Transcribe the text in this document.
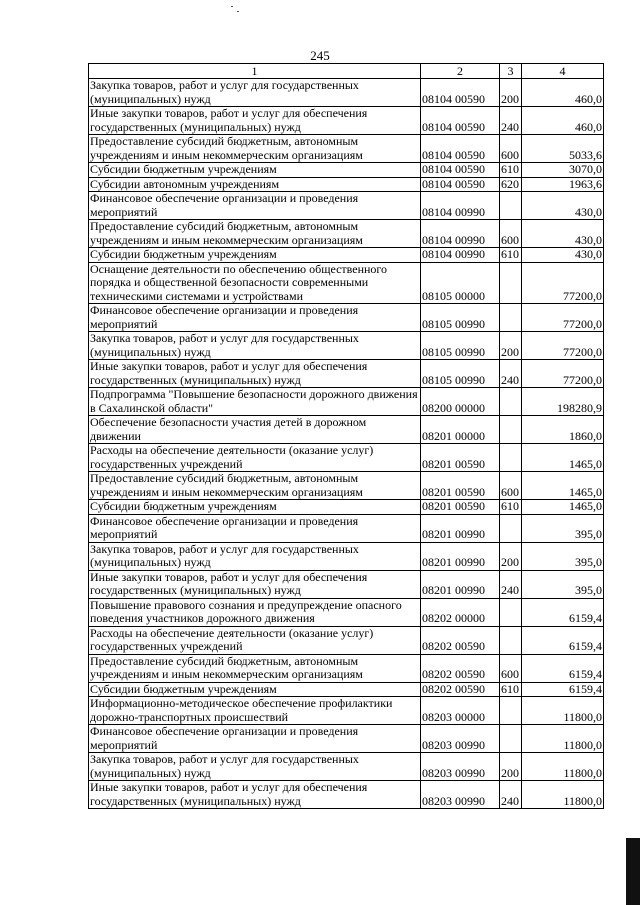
245
1	2	3	4
Закупка товаров, работ и услуг для государственных (муниципальных) нужд	08104 00590	200	460,0
Иные закупки товаров, работ и услуг для обеспечения государственных (муниципальных) нужд	08104 00590	240	460,0
Предоставление субсидий бюджетным, автономным учреждениям и иным некоммерческим организациям	08104 00590	600	5033,6
Субсидии бюджетным учреждениям	08104 00590	610	3070,0
Субсидии автономным учреждениям	08104 00590	620	1963,6
Финансовое обеспечение организации и проведения мероприятий	08104 00990		430,0
Предоставление субсидий бюджетным, автономным учреждениям и иным некоммерческим организациям	08104 00990	600	430,0
Субсидии бюджетным учреждениям	08104 00990	610	430,0
Оснащение деятельности по обеспечению общественного порядка и общественной безопасности современными техническими системами и устройствами	08105 00000		77200,0
Финансовое обеспечение организации и проведения мероприятий	08105 00990		77200,0
Закупка товаров, работ и услуг для государственных (муниципальных) нужд	08105 00990	200	77200,0
Иные закупки товаров, работ и услуг для обеспечения государственных (муниципальных) нужд	08105 00990	240	77200,0
Подпрограмма "Повышение безопасности дорожного движения в Сахалинской области"	08200 00000		198280,9
Обеспечение безопасности участия детей в дорожном движении	08201 00000		1860,0
Расходы на обеспечение деятельности (оказание услуг) государственных учреждений	08201 00590		1465,0
Предоставление субсидий бюджетным, автономным учреждениям и иным некоммерческим организациям	08201 00590	600	1465,0
Субсидии бюджетным учреждениям	08201 00590	610	1465,0
Финансовое обеспечение организации и проведения мероприятий	08201 00990		395,0
Закупка товаров, работ и услуг для государственных (муниципальных) нужд	08201 00990	200	395,0
Иные закупки товаров, работ и услуг для обеспечения государственных (муниципальных) нужд	08201 00990	240	395,0
Повышение правового сознания и предупреждение опасного поведения участников дорожного движения	08202 00000		6159,4
Расходы на обеспечение деятельности (оказание услуг) государственных учреждений	08202 00590		6159,4
Предоставление субсидий бюджетным, автономным учреждениям и иным некоммерческим организациям	08202 00590	600	6159,4
Субсидии бюджетным учреждениям	08202 00590	610	6159,4
Информационно-методическое обеспечение профилактики дорожно-транспортных происшествий	08203 00000		11800,0
Финансовое обеспечение организации и проведения мероприятий	08203 00990		11800,0
Закупка товаров, работ и услуг для государственных (муниципальных) нужд	08203 00990	200	11800,0
Иные закупки товаров, работ и услуг для обеспечения государственных (муниципальных) нужд	08203 00990	240	11800,0
